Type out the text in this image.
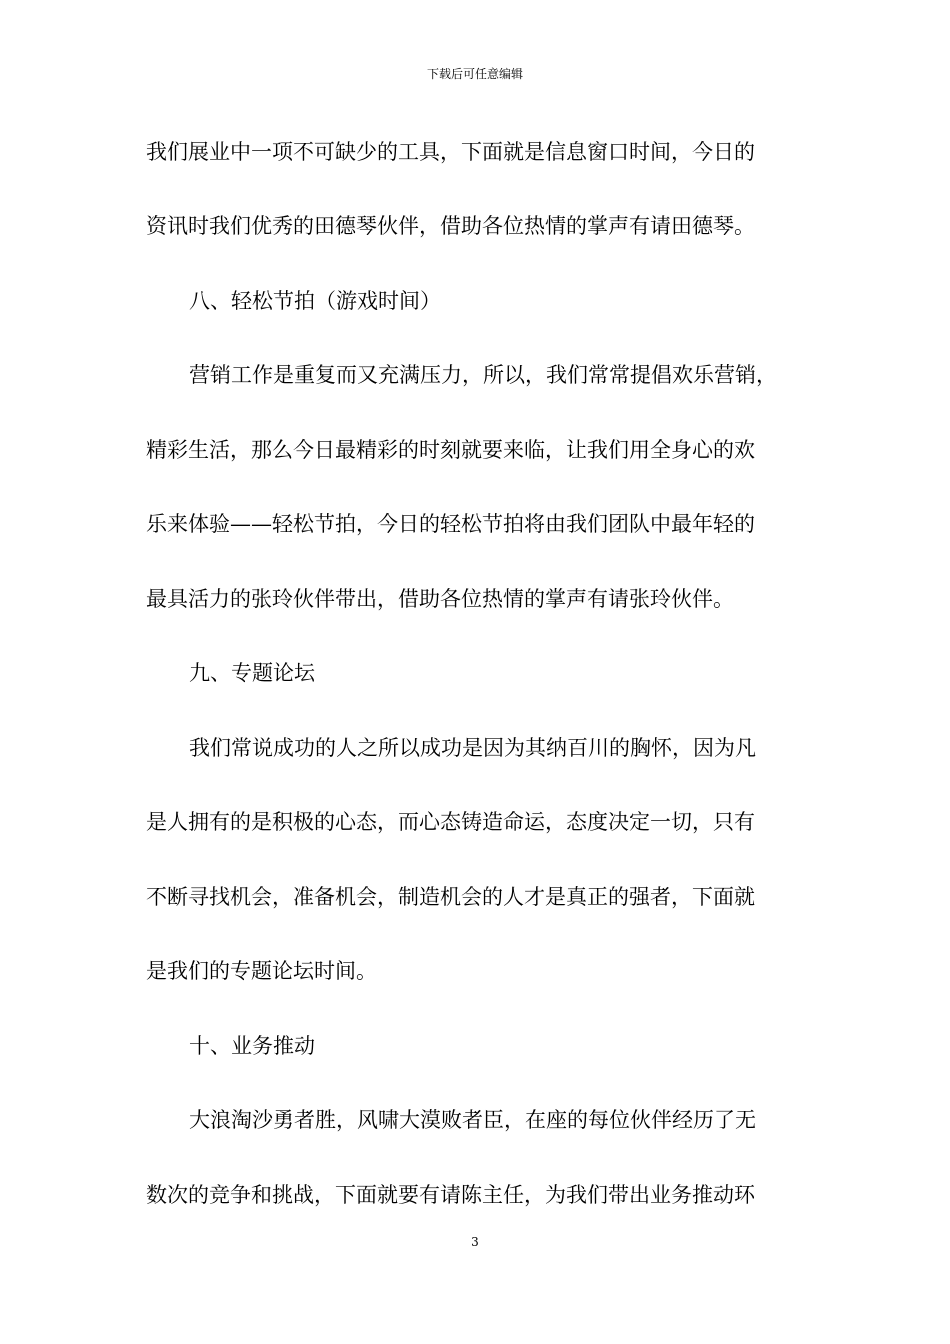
下载后可任意编辑
我们展业中一项不可缺少的工具，下面就是信息窗口时间，今日的
资讯时我们优秀的田德琴伙伴，借助各位热情的掌声有请田德琴。
八、轻松节拍（游戏时间）
营销工作是重复而又充满压力，所以，我们常常提倡欢乐营销，
精彩生活，那么今日最精彩的时刻就要来临，让我们用全身心的欢
乐来体验——轻松节拍，今日的轻松节拍将由我们团队中最年轻的
最具活力的张玲伙伴带出，借助各位热情的掌声有请张玲伙伴。
九、专题论坛
我们常说成功的人之所以成功是因为其纳百川的胸怀，因为凡
是人拥有的是积极的心态，而心态铸造命运，态度决定一切，只有
不断寻找机会，准备机会，制造机会的人才是真正的强者，下面就
是我们的专题论坛时间。
十、业务推动
大浪淘沙勇者胜，风啸大漠败者臣，在座的每位伙伴经历了无
数次的竞争和挑战，下面就要有请陈主任，为我们带出业务推动环
3
